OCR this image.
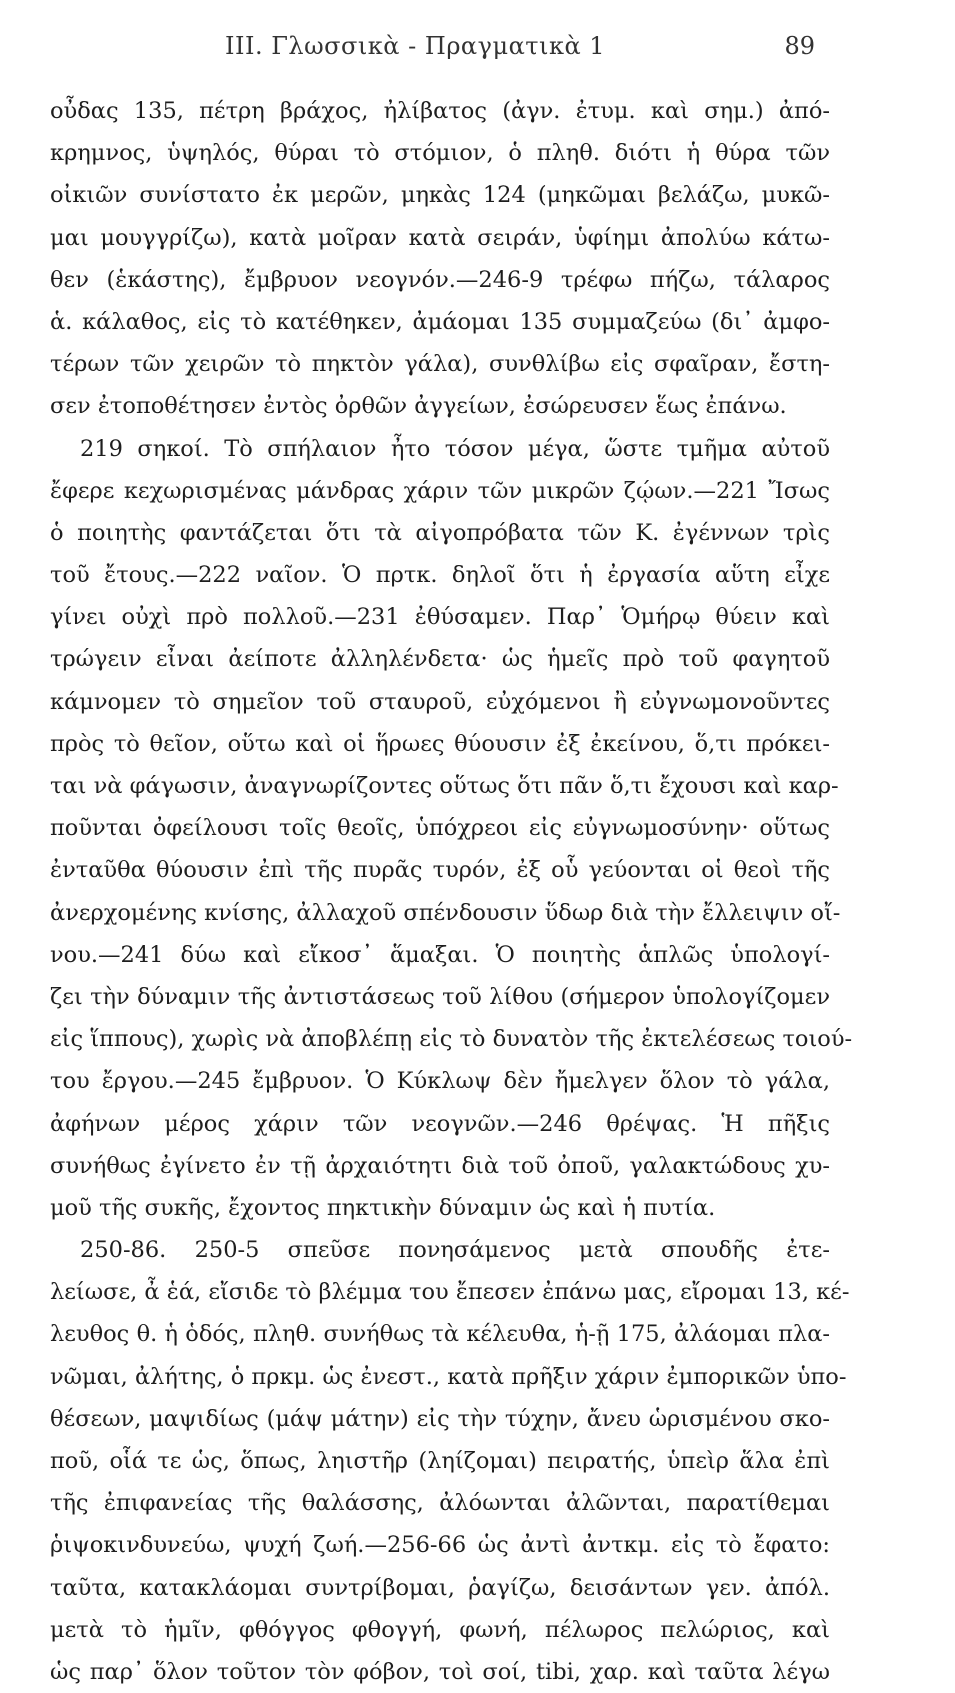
III. Γλωσσικὰ - Πραγματικὰ 1	89
οὖδας 135, πέτρη βράχος, ἠλίβατος (ἀγν. ἐτυμ. καὶ σημ.) ἀπό-
κρημνος, ὑψηλός, θύραι τὸ στόμιον, ὁ πληθ. διότι ἡ θύρα τῶν
οἰκιῶν συνίστατο ἐκ μερῶν, μηκὰς 124 (μηκῶμαι βελάζω, μυκῶ-
μαι μουγγρίζω), κατὰ μοῖραν κατὰ σειράν, ὑφίημι ἀπολύω κάτω-
θεν (ἑκάστης), ἔμβρυον νεογνόν.—246-9 τρέφω πήζω, τάλαρος
ἁ. κάλαθος, εἰς τὸ κατέθηκεν, ἀμάομαι 135 συμμαζεύω (δι᾽ ἀμφο-
τέρων τῶν χειρῶν τὸ πηκτὸν γάλα), συνθλίβω εἰς σφαῖραν, ἔστη-
σεν ἐτοποθέτησεν ἐντὸς ὀρθῶν ἀγγείων, ἐσώρευσεν ἕως ἐπάνω.
219 σηκοί. Τὸ σπήλαιον ἦτο τόσον μέγα, ὥστε τμῆμα αὐτοῦ
ἔφερε κεχωρισμένας μάνδρας χάριν τῶν μικρῶν ζῴων.—221 Ἴσως
ὁ ποιητὴς φαντάζεται ὅτι τὰ αἰγοπρόβατα τῶν Κ. ἐγέννων τρὶς
τοῦ ἔτους.—222 ναῖον. Ὁ πρτκ. δηλοῖ ὅτι ἡ ἐργασία αὕτη εἶχε
γίνει οὐχὶ πρὸ πολλοῦ.—231 ἐθύσαμεν. Παρ᾽ Ὁμήρῳ θύειν καὶ
τρώγειν εἶναι ἀείποτε ἀλληλένδετα· ὡς ἡμεῖς πρὸ τοῦ φαγητοῦ
κάμνομεν τὸ σημεῖον τοῦ σταυροῦ, εὐχόμενοι ἢ εὐγνωμονοῦντες
πρὸς τὸ θεῖον, οὕτω καὶ οἱ ἥρωες θύουσιν ἐξ ἐκείνου, ὅ,τι πρόκει-
ται νὰ φάγωσιν, ἀναγνωρίζοντες οὕτως ὅτι πᾶν ὅ,τι ἔχουσι καὶ καρ-
ποῦνται ὀφείλουσι τοῖς θεοῖς, ὑπόχρεοι εἰς εὐγνωμοσύνην· οὕτως
ἐνταῦθα θύουσιν ἐπὶ τῆς πυρᾶς τυρόν, ἐξ οὗ γεύονται οἱ θεοὶ τῆς
ἀνερχομένης κνίσης, ἀλλαχοῦ σπένδουσιν ὕδωρ διὰ τὴν ἔλλειψιν οἴ-
νου.—241 δύω καὶ εἴκοσ᾽ ἅμαξαι. Ὁ ποιητὴς ἁπλῶς ὑπολογί-
ζει τὴν δύναμιν τῆς ἀντιστάσεως τοῦ λίθου (σήμερον ὑπολογίζομεν
εἰς ἵππους), χωρὶς νὰ ἀποβλέπῃ εἰς τὸ δυνατὸν τῆς ἐκτελέσεως τοιού-
του ἔργου.—245 ἔμβρυον. Ὁ Κύκλωψ δὲν ἤμελγεν ὅλον τὸ γάλα,
ἀφήνων μέρος χάριν τῶν νεογνῶν.—246 θρέψας. Ἡ πῆξις
συνήθως ἐγίνετο ἐν τῇ ἀρχαιότητι διὰ τοῦ ὀποῦ, γαλακτώδους χυ-
μοῦ τῆς συκῆς, ἔχοντος πηκτικὴν δύναμιν ὡς καὶ ἡ πυτία.
250-86. 250-5 σπεῦσε πονησάμενος μετὰ σπουδῆς ἐτε-
λείωσε, ἆ ἑά, εἴσιδε τὸ βλέμμα του ἔπεσεν ἐπάνω μας, εἴρομαι 13, κέ-
λευθος θ. ἡ ὁδός, πληθ. συνήθως τὰ κέλευθα, ἡ-ῇ 175, ἀλάομαι πλα-
νῶμαι, ἀλήτης, ὁ πρκμ. ὡς ἐνεστ., κατὰ πρῆξιν χάριν ἐμπορικῶν ὑπο-
θέσεων, μαψιδίως (μάψ μάτην) εἰς τὴν τύχην, ἄνευ ὡρισμένου σκο-
ποῦ, οἷά τε ὡς, ὅπως, ληιστῆρ (ληίζομαι) πειρατής, ὑπεὶρ ἅλα ἐπὶ
τῆς ἐπιφανείας τῆς θαλάσσης, ἀλόωνται ἀλῶνται, παρατίθεμαι
ῥιψοκινδυνεύω, ψυχή ζωή.—256-66 ὡς ἀντὶ ἀντκμ. εἰς τὸ ἔφατο:
ταῦτα, κατακλάομαι συντρίβομαι, ῥαγίζω, δεισάντων γεν. ἀπόλ.
μετὰ τὸ ἡμῖν, φθόγγος φθογγή, φωνή, πέλωρος πελώριος, καὶ
ὡς παρ᾽ ὅλον τοῦτον τὸν φόβον, τοὶ σοί, tibi, χαρ. καὶ ταῦτα λέγω
